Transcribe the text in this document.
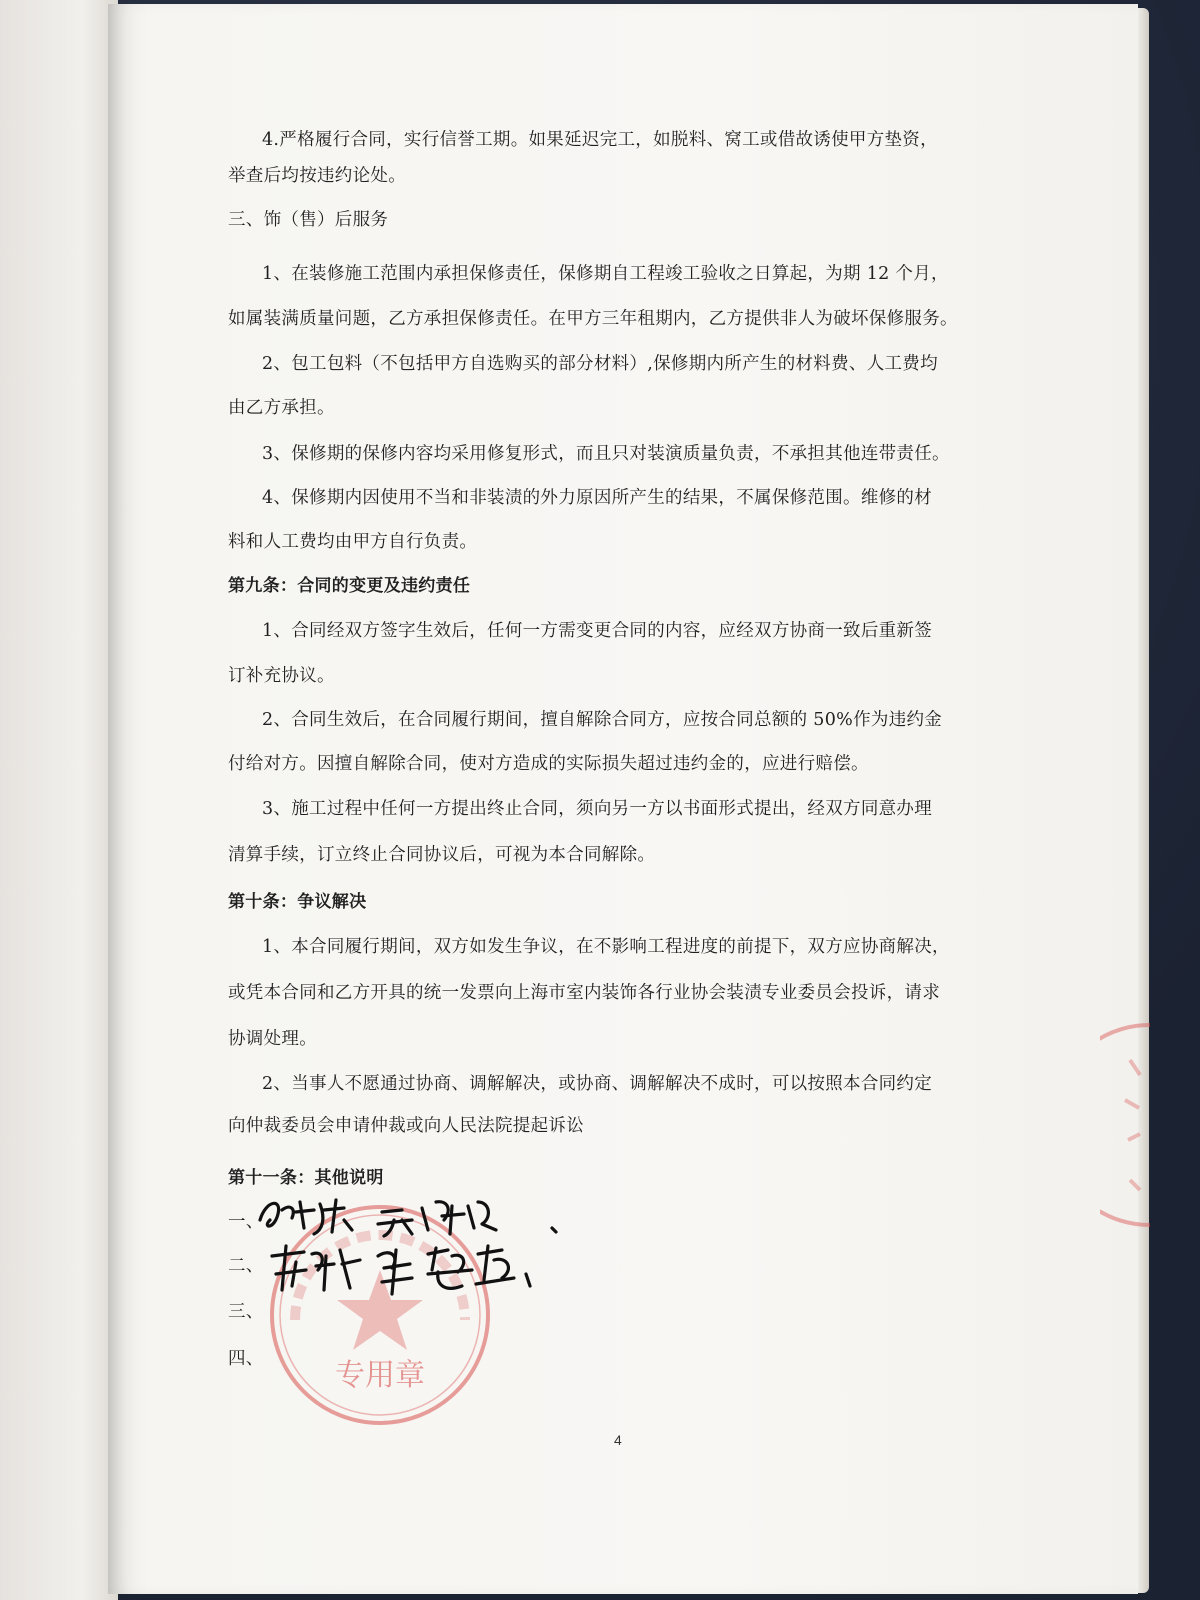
4.严格履行合同，实行信誉工期。如果延迟完工，如脱料、窝工或借故诱使甲方垫资，
举查后均按违约论处。
三、饰（售）后服务
1、在装修施工范围内承担保修责任，保修期自工程竣工验收之日算起，为期 12 个月，
如属装满质量问题，乙方承担保修责任。在甲方三年租期内，乙方提供非人为破坏保修服务。
2、包工包料（不包括甲方自选购买的部分材料）,保修期内所产生的材料费、人工费均
由乙方承担。
3、保修期的保修内容均采用修复形式，而且只对装演质量负责，不承担其他连带责任。
4、保修期内因使用不当和非装渍的外力原因所产生的结果，不属保修范围。维修的材
料和人工费均由甲方自行负责。
第九条：合同的变更及违约责任
1、合同经双方签字生效后，任何一方需变更合同的内容，应经双方协商一致后重新签
订补充协议。
2、合同生效后，在合同履行期间，擅自解除合同方，应按合同总额的 50%作为违约金
付给对方。因擅自解除合同，使对方造成的实际损失超过违约金的，应进行赔偿。
3、施工过程中任何一方提出终止合同，须向另一方以书面形式提出，经双方同意办理
清算手续，订立终止合同协议后，可视为本合同解除。
第十条：争议解决
1、本合同履行期间，双方如发生争议，在不影响工程进度的前提下，双方应协商解决，
或凭本合同和乙方开具的统一发票向上海市室内装饰各行业协会装渍专业委员会投诉，请求
协调处理。
2、当事人不愿通过协商、调解解决，或协商、调解解决不成时，可以按照本合同约定
向仲裁委员会申请仲裁或向人民法院提起诉讼
第十一条：其他说明
一、
二、
三、
四、	专用章
4
